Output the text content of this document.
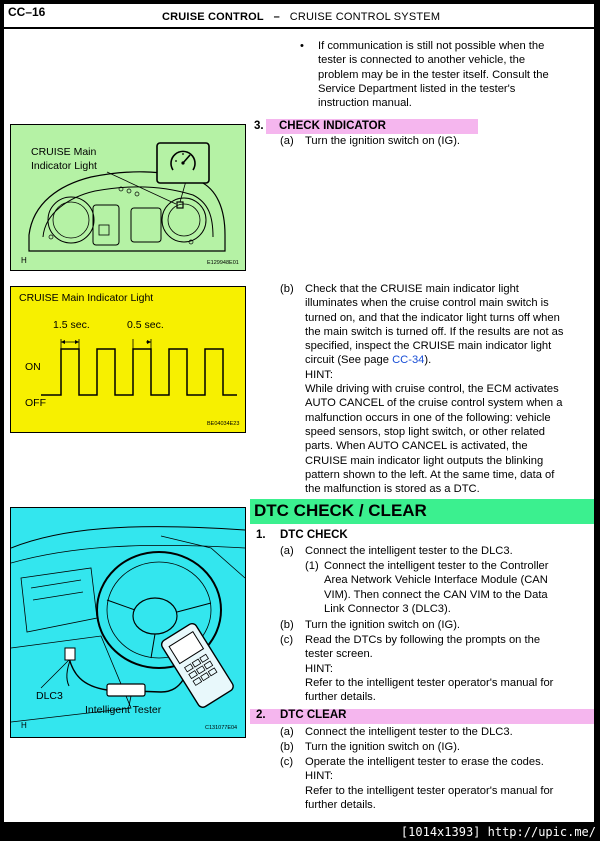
CC–16	CRUISE CONTROL – CRUISE CONTROL SYSTEM
• If communication is still not possible when the
tester is connected to another vehicle, the
problem may be in the tester itself. Consult the
Service Department listed in the tester's
instruction manual.
3. CHECK INDICATOR
(a) Turn the ignition switch on (IG).
CRUISE Main
Indicator Light
H	E129948E01
(b) Check that the CRUISE main indicator light
illuminates when the cruise control main switch is
turned on, and that the indicator light turns off when
the main switch is turned off. If the results are not as
specified, inspect the CRUISE main indicator light
circuit (See page CC-34).
HINT:
While driving with cruise control, the ECM activates
AUTO CANCEL of the cruise control system when a
malfunction occurs in one of the following: vehicle
speed sensors, stop light switch, or other related
parts. When AUTO CANCEL is activated, the
CRUISE main indicator light outputs the blinking
pattern shown to the left. At the same time, data of
the malfunction is stored as a DTC.
CRUISE Main Indicator Light
1.5 sec.	0.5 sec.
ON
OFF
BE04034E23
DTC CHECK / CLEAR
1. DTC CHECK
(a) Connect the intelligent tester to the DLC3.
(1) Connect the intelligent tester to the Controller
Area Network Vehicle Interface Module (CAN
VIM). Then connect the CAN VIM to the Data
Link Connector 3 (DLC3).
(b) Turn the ignition switch on (IG).
(c) Read the DTCs by following the prompts on the
tester screen.
HINT:
Refer to the intelligent tester operator's manual for
further details.
2. DTC CLEAR
(a) Connect the intelligent tester to the DLC3.
(b) Turn the ignition switch on (IG).
(c) Operate the intelligent tester to erase the codes.
HINT:
Refer to the intelligent tester operator's manual for
further details.
DLC3
Intelligent Tester
H	C131077E04
[1014x1393] http://upic.me/
